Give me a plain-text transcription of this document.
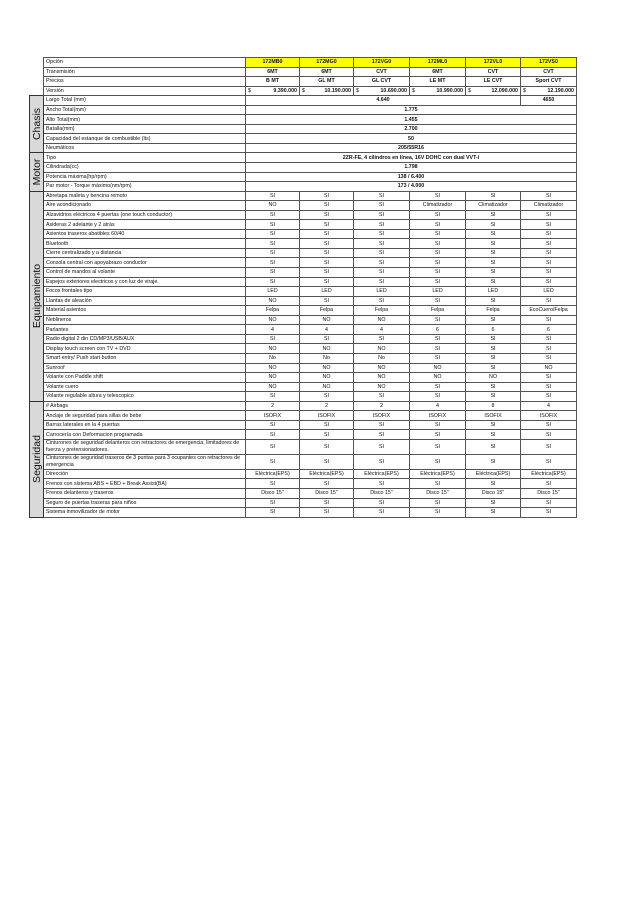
	Opción	172MB0	172MG0	172VG0	172ML0	172VL0	172VS0
	Transmisión	6MT	6MT	CVT	6MT	CVT	CVT
	Precios	B MT	GL MT	GL CVT	LE MT	LE CVT	Sport CVT
	Versión	$ 9.390.000	$ 10.190.000	$ 10.690.000	$ 10.990.000	$ 12.090.000	$ 12.190.000

Chasis	Largo Total (mm)	4.640					4650
	Ancho Total(mm)	1.775					
	Alto Total(mm)	1.455					
	Batalla(mm)	2.700					
	Capacidad del estanque de combustible (lts)	50					
	Neumáticos	205/55R16					

Motor	Tipo	2ZR-FE, 4 cilindros en línea, 16V DOHC con dual VVT-i					
	Cilindrada(cc)	1.798					
	Potencia máxima(hp/rpm)	138 / 6.400					
	Par motor - Torque máximo(nm/rpm)	173 / 4.000					

Equipamiento	Abretapa maleta y bencina remoto	SI	SI	SI	SI	SI	SI
	Aire acondicionado	NO	SI	SI	Climatizador	Climatizador	Climatizador
	Alzavidrios eléctricos 4 puertas (one touch conductor)	SI	SI	SI	SI	SI	SI
	Asideras 2 adelante y 2 atrás	SI	SI	SI	SI	SI	SI
	Asientos traseros abatibles 60/40	SI	SI	SI	SI	SI	SI
	Bluetooth	SI	SI	SI	SI	SI	SI
	Cierre centralizado y a distancia	SI	SI	SI	SI	SI	SI
	Consola central con apoyabrazo conductor	SI	SI	SI	SI	SI	SI
	Control de mandos al volante	SI	SI	SI	SI	SI	SI
	Espejos exteriores electricos y con luz de viraje.	SI	SI	SI	SI	SI	SI
	Focos frontales tipo	LED	LED	LED	LED	LED	LED
	Llantas de aleación	NO	SI	SI	SI	SI	SI
	Material asientos	Felpa	Felpa	Felpa	Felpa	Felpa	EcoCuero/Felpa
	Neblineros	NO	NO	NO	SI	SI	SI
	Parlantes	4	4	4	6	6	6
	Radio digital 2 din CD/MP3/USB/AUX	SI	SI	SI	SI	SI	SI
	Display touch screen con TV + DVD	NO	NO	NO	SI	SI	SI
	Smart entry/ Push start button	No	No	No	SI	SI	SI
	Sunroof	NO	NO	NO	NO	SI	NO
	Volante con Paddle shift	NO	NO	NO	NO	NO	SI
	Volante cuero	NO	NO	NO	SI	SI	SI
	Volante regulable altura y telescopico	SI	SI	SI	SI	SI	SI

Seguridad	# Airbags	2	2	2	4	8	4
	Anclaje de seguridad para sillas de bebe	ISOFIX	ISOFIX	ISOFIX	ISOFIX	ISOFIX	ISOFIX
	Barras laterales en la 4 puertas	SI	SI	SI	SI	SI	SI
	Carrocería con Deformacion programada	SI	SI	SI	SI	SI	SI
	Cinturones de seguridad delanteros con retractores de emergencia, limitadores de fuerza y pretensionadores.	SI	SI	SI	SI	SI	SI
	Cinturones de seguridad traseros de 3 puntas para 3 ocupantes con retractores de emergencia	SI	SI	SI	SI	SI	SI
	Dirección	Eléctrica(EPS)	Eléctrica(EPS)	Eléctrica(EPS)	Eléctrica(EPS)	Eléctrica(EPS)	Eléctrica(EPS)
	Frenos con sistema ABS + EBD + Break Assist(BA)	SI	SI	SI	SI	SI	SI
	Frenos delanteros y traseros	Disco 15"	Disco 15"	Disco 15"	Disco 15"	Disco 15"	Disco 15"
	Seguro de puertas traseras para niños	SI	SI	SI	SI	SI	SI
	Sistema inmovilizador de motor	SI	SI	SI	SI	SI	SI
